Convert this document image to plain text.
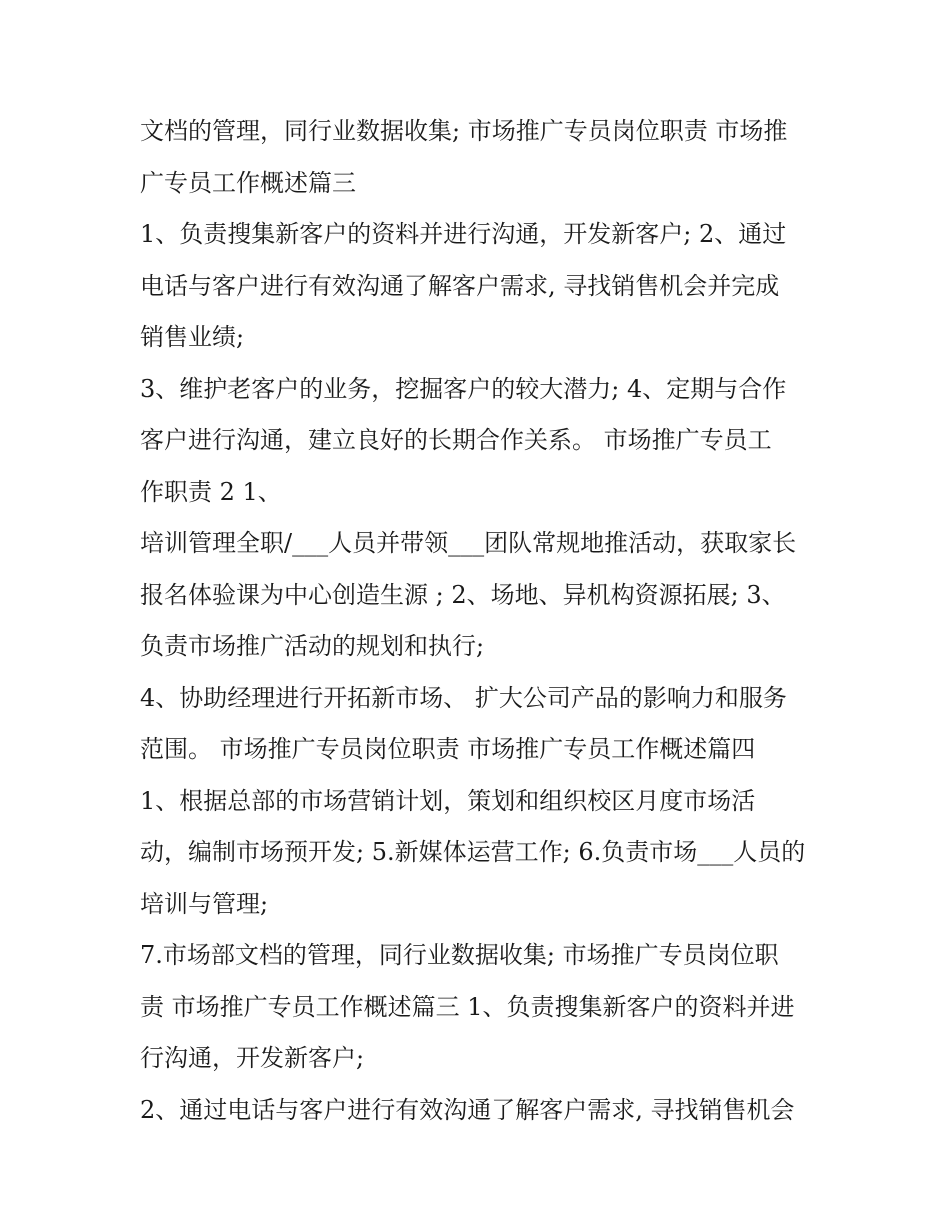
文档的管理，同行业数据收集; 市场推广专员岗位职责 市场推
广专员工作概述篇三
1、负责搜集新客户的资料并进行沟通，开发新客户; 2、通过
电话与客户进行有效沟通了解客户需求, 寻找销售机会并完成
销售业绩;
3、维护老客户的业务，挖掘客户的较大潜力; 4、定期与合作
客户进行沟通，建立良好的长期合作关系。 市场推广专员工
作职责 2 1、
培训管理全职/___人员并带领___团队常规地推活动，获取家长
报名体验课为中心创造生源 ; 2、场地、异机构资源拓展; 3、
负责市场推广活动的规划和执行;
4、协助经理进行开拓新市场、 扩大公司产品的影响力和服务
范围。 市场推广专员岗位职责 市场推广专员工作概述篇四
1、根据总部的市场营销计划，策划和组织校区月度市场活
动，编制市场预开发; 5.新媒体运营工作; 6.负责市场___人员的
培训与管理;
7.市场部文档的管理，同行业数据收集; 市场推广专员岗位职
责 市场推广专员工作概述篇三 1、负责搜集新客户的资料并进
行沟通，开发新客户;
2、通过电话与客户进行有效沟通了解客户需求, 寻找销售机会
